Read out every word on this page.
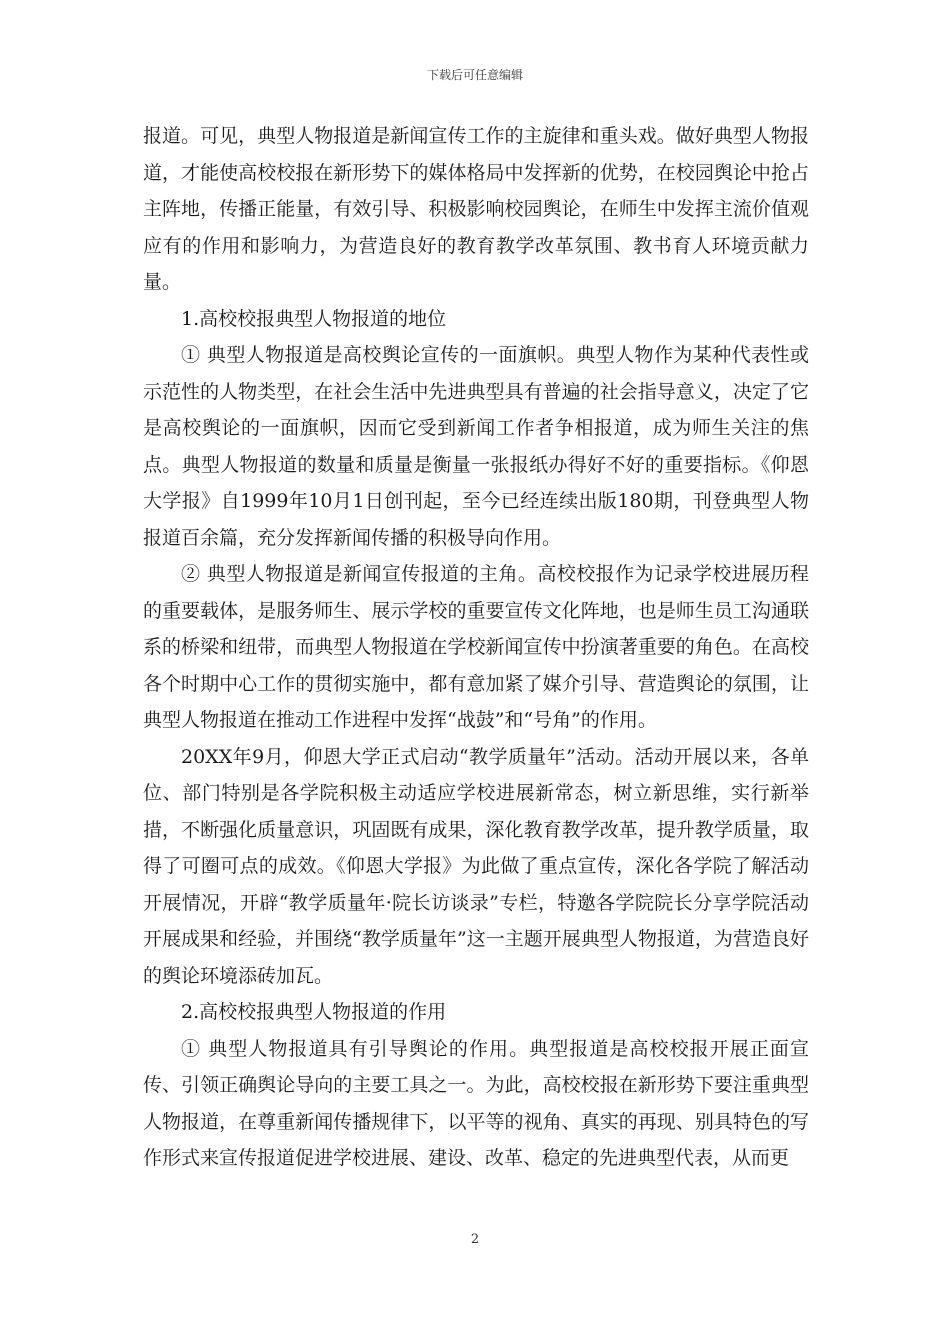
下载后可任意编辑

报道。可见，典型人物报道是新闻宣传工作的主旋律和重头戏。做好典型人物报道，才能使高校校报在新形势下的媒体格局中发挥新的优势，在校园舆论中抢占主阵地，传播正能量，有效引导、积极影响校园舆论，在师生中发挥主流价值观应有的作用和影响力，为营造良好的教育教学改革氛围、教书育人环境贡献力量。

1.高校校报典型人物报道的地位

① 典型人物报道是高校舆论宣传的一面旗帜。典型人物作为某种代表性或示范性的人物类型，在社会生活中先进典型具有普遍的社会指导意义，决定了它是高校舆论的一面旗帜，因而它受到新闻工作者争相报道，成为师生关注的焦点。典型人物报道的数量和质量是衡量一张报纸办得好不好的重要指标。《仰恩大学报》自1999年10月1日创刊起，至今已经连续出版180期，刊登典型人物报道百余篇，充分发挥新闻传播的积极导向作用。

② 典型人物报道是新闻宣传报道的主角。高校校报作为记录学校进展历程的重要载体，是服务师生、展示学校的重要宣传文化阵地，也是师生员工沟通联系的桥梁和纽带，而典型人物报道在学校新闻宣传中扮演著重要的角色。在高校各个时期中心工作的贯彻实施中，都有意加紧了媒介引导、营造舆论的氛围，让典型人物报道在推动工作进程中发挥“战鼓”和“号角”的作用。

20XX年9月，仰恩大学正式启动“教学质量年”活动。活动开展以来，各单位、部门特别是各学院积极主动适应学校进展新常态，树立新思维，实行新举措，不断强化质量意识，巩固既有成果，深化教育教学改革，提升教学质量，取得了可圈可点的成效。《仰恩大学报》为此做了重点宣传，深化各学院了解活动开展情况，开辟“教学质量年·院长访谈录”专栏，特邀各学院院长分享学院活动开展成果和经验，并围绕“教学质量年”这一主题开展典型人物报道，为营造良好的舆论环境添砖加瓦。

2.高校校报典型人物报道的作用

① 典型人物报道具有引导舆论的作用。典型报道是高校校报开展正面宣传、引领正确舆论导向的主要工具之一。为此，高校校报在新形势下要注重典型人物报道，在尊重新闻传播规律下，以平等的视角、真实的再现、别具特色的写作形式来宣传报道促进学校进展、建设、改革、稳定的先进典型代表，从而更

2
